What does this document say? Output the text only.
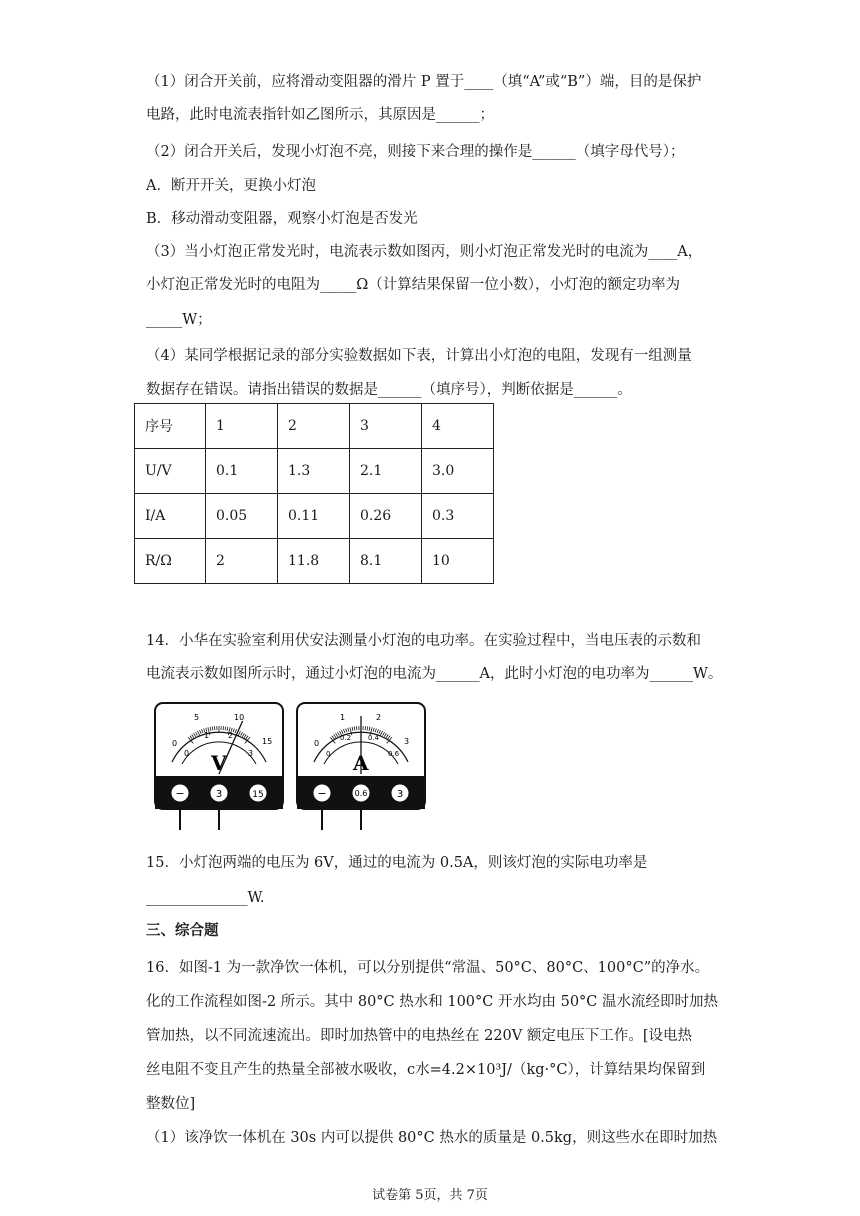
（1）闭合开关前，应将滑动变阻器的滑片 P 置于____（填“A”或“B”）端，目的是保护
电路，此时电流表指针如乙图所示，其原因是______；
（2）闭合开关后，发现小灯泡不亮，则接下来合理的操作是______（填字母代号）；
A．断开开关，更换小灯泡
B．移动滑动变阻器，观察小灯泡是否发光
（3）当小灯泡正常发光时，电流表示数如图丙，则小灯泡正常发光时的电流为____A，
小灯泡正常发光时的电阻为_____Ω（计算结果保留一位小数），小灯泡的额定功率为
_____W；
（4）某同学根据记录的部分实验数据如下表，计算出小灯泡的电阻，发现有一组测量
数据存在错误。请指出错误的数据是______（填序号），判断依据是______。
序号	1	2	3	4
U/V	0.1	1.3	2.1	3.0
I/A	0.05	0.11	0.26	0.3
R/Ω	2	11.8	8.1	10
14．小华在实验室利用伏安法测量小灯泡的电功率。在实验过程中，当电压表的示数和
电流表示数如图所示时，通过小灯泡的电流为______A，此时小灯泡的电功率为______W。
0
5	10
15
0
1 2
3
V
−	3	15
0
1	2
3
0
0.2 0.4
0.6
A
−	0.6	3
15．小灯泡两端的电压为 6V，通过的电流为 0.5A，则该灯泡的实际电功率是
______________W.
三、综合题
16．如图-1 为一款净饮一体机，可以分别提供“常温、50°C、80°C、100°C”的净水。
化的工作流程如图-2 所示。其中 80°C 热水和 100°C 开水均由 50°C 温水流经即时加热
管加热，以不同流速流出。即时加热管中的电热丝在 220V 额定电压下工作。[设电热
丝电阻不变且产生的热量全部被水吸收，c水=4.2×10³J/（kg·°C），计算结果均保留到
整数位]
（1）该净饮一体机在 30s 内可以提供 80°C 热水的质量是 0.5kg，则这些水在即时加热
试卷第 5页，共 7页
